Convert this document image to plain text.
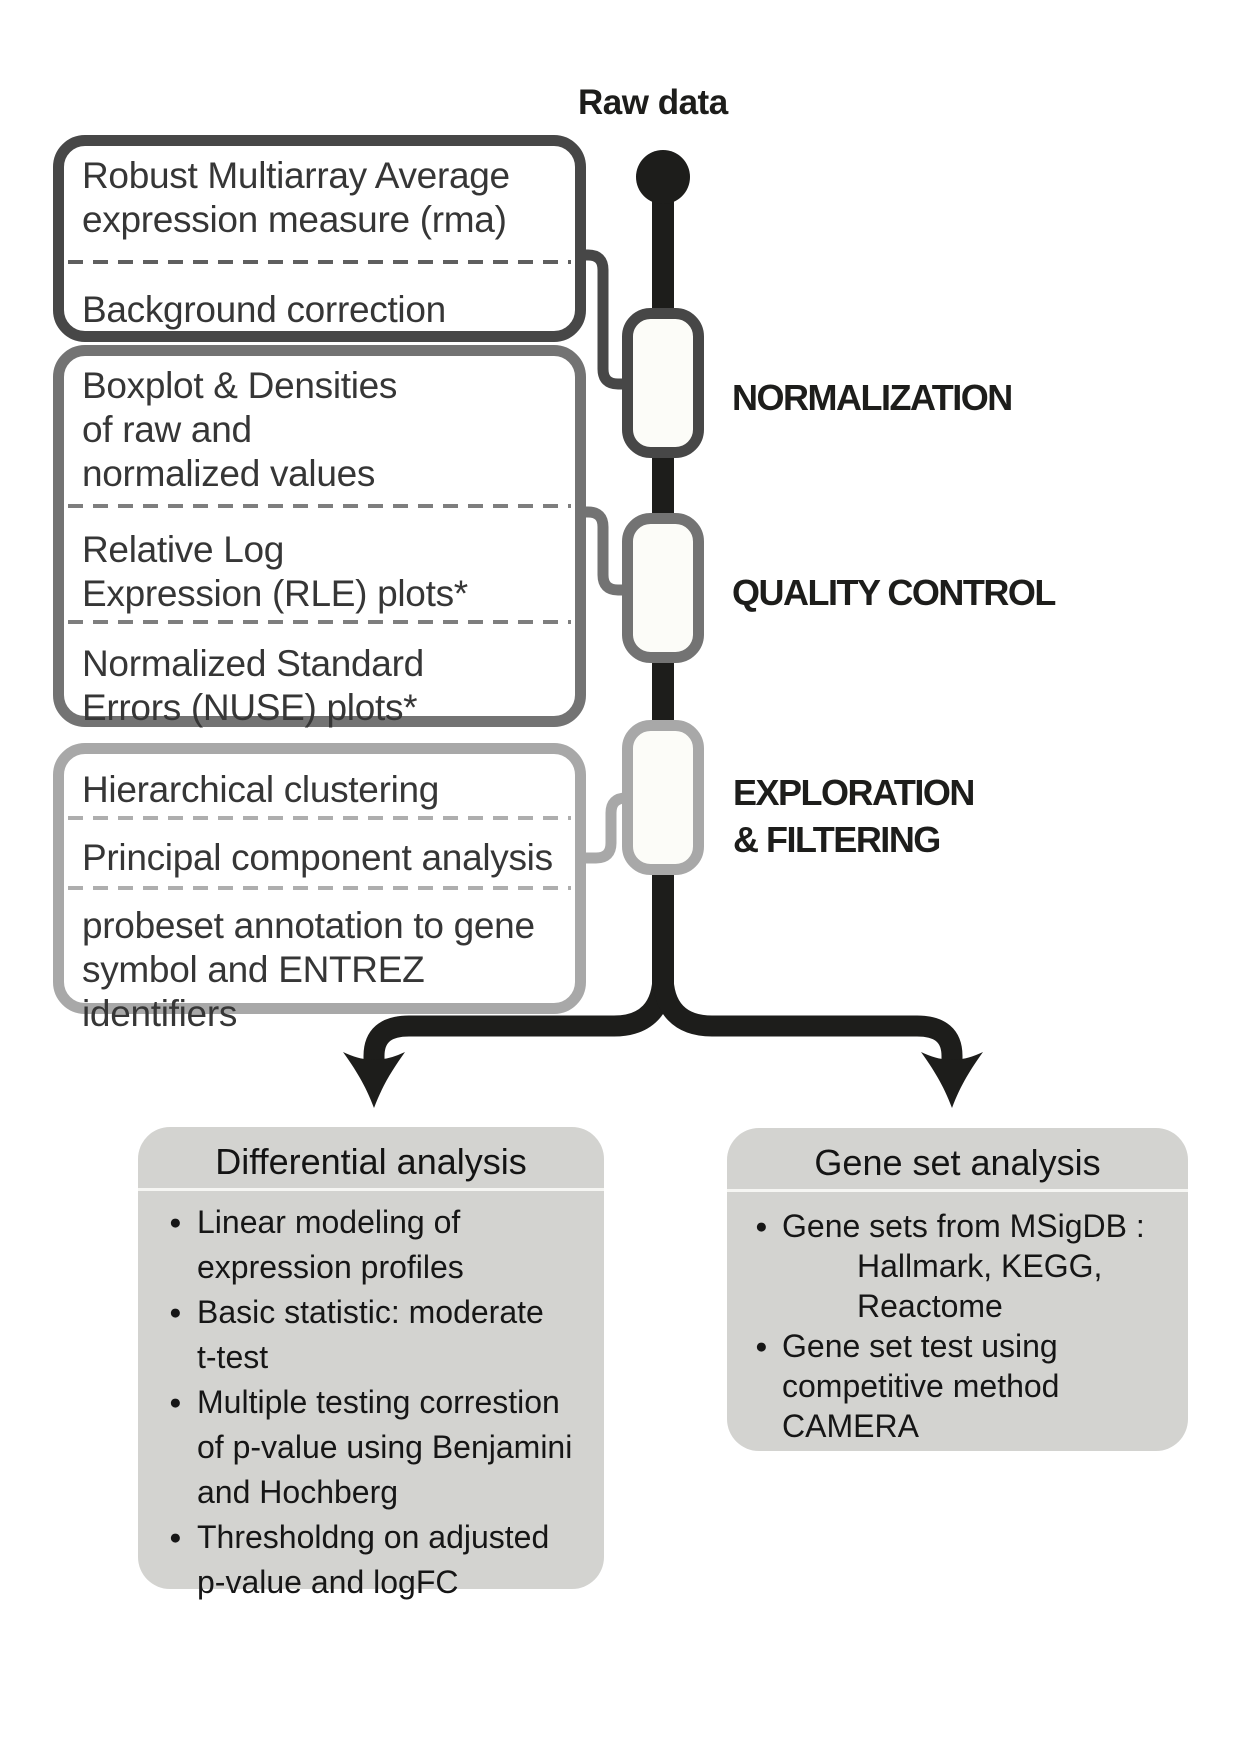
Raw data
Robust Multiarray Average
expression measure (rma)
Background correction
Boxplot & Densities
of raw and
normalized values
Relative Log
Expression (RLE) plots*
Normalized Standard
Errors (NUSE) plots*
Hierarchical clustering
Principal component analysis
probeset annotation to gene
symbol and ENTREZ identifiers
NORMALIZATION
QUALITY CONTROL
EXPLORATION
& FILTERING
Differential analysis
● Linear modeling of
expression profiles
● Basic statistic: moderate
t-test
● Multiple testing correstion
of p-value using Benjamini
and Hochberg
● Thresholdng on adjusted
p-value and logFC
Gene set analysis
● Gene sets from MSigDB :
Hallmark, KEGG,
Reactome
● Gene set test using
competitive method
CAMERA
